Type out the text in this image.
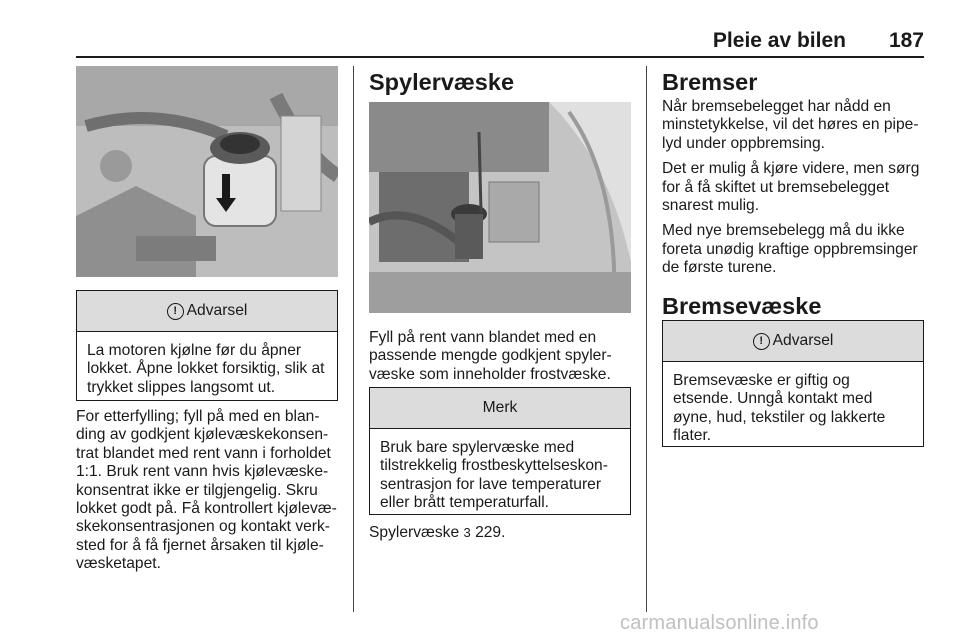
Pleie av bilen 187
! Advarsel
La motoren kjølne før du åpner
lokket. Åpne lokket forsiktig, slik at
trykket slippes langsomt ut.

For etterfylling; fyll på med en blan-
ding av godkjent kjølevæskekonsen-
trat blandet med rent vann i forholdet
1:1. Bruk rent vann hvis kjølevæske-
konsentrat ikke er tilgjengelig. Skru
lokket godt på. Få kontrollert kjølevæ-
skekonsentrasjonen og kontakt verk-
sted for å få fjernet årsaken til kjøle-
væsketapet.

Spylervæske

Fyll på rent vann blandet med en
passende mengde godkjent spyler-
væske som inneholder frostvæske.

Merk
Bruk bare spylervæske med
tilstrekkelig frostbeskyttelseskon-
sentrasjon for lave temperaturer
eller brått temperaturfall.

Spylervæske 3 229.

Bremser

Når bremsebelegget har nådd en
minstetykkelse, vil det høres en pipe-
lyd under oppbremsing.

Det er mulig å kjøre videre, men sørg
for å få skiftet ut bremsebelegget
snarest mulig.

Med nye bremsebelegg må du ikke
foreta unødig kraftige oppbremsinger
de første turene.

Bremsevæske
! Advarsel
Bremsevæske er giftig og
etsende. Unngå kontakt med
øyne, hud, tekstiler og lakkerte
flater.
carmanualsonline.info
